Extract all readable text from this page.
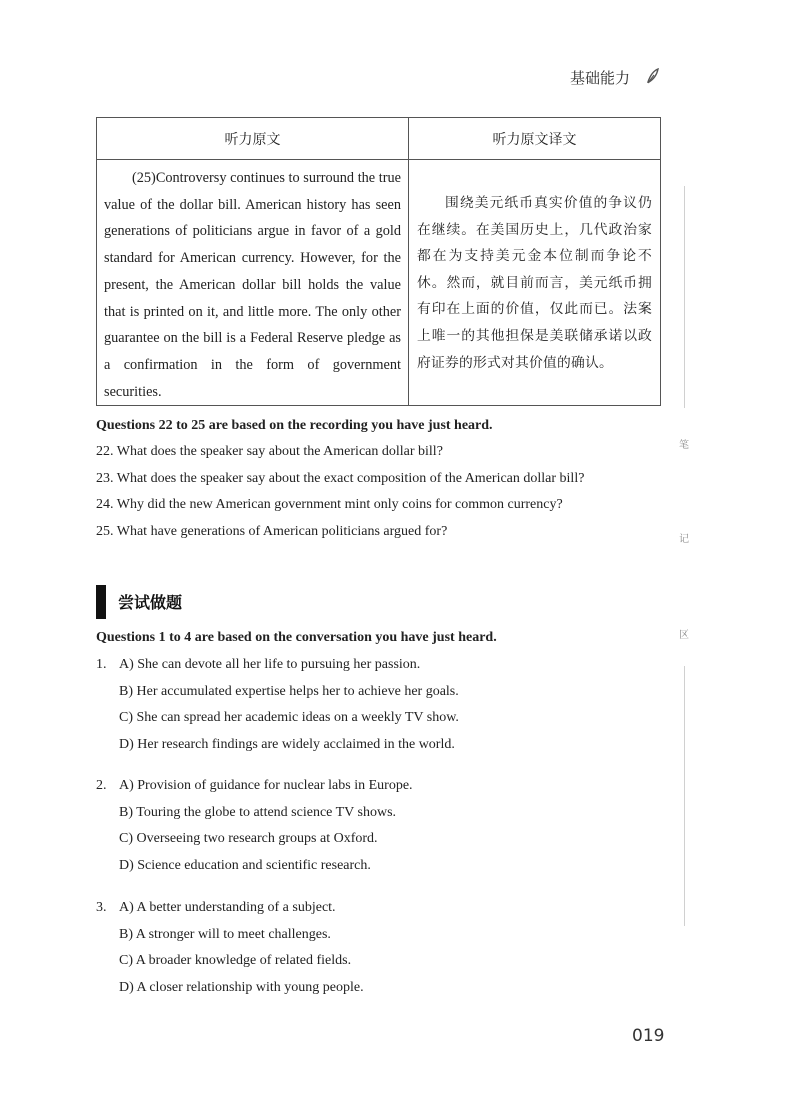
基础能力
笔
记
区
听力原文	听力原文译文
(25)Controversy continues to surround the true value of the dollar bill. American history has seen generations of politicians argue in favor of a gold standard for American currency. However, for the present, the American dollar bill holds the value that is printed on it, and little more. The only other guarantee on the bill is a Federal Reserve pledge as a confirmation in the form of government securities.	围绕美元纸币真实价值的争议仍在继续。在美国历史上，几代政治家都在为支持美元金本位制而争论不休。然而，就目前而言，美元纸币拥有印在上面的价值，仅此而已。法案上唯一的其他担保是美联储承诺以政府证券的形式对其价值的确认。
Questions 22 to 25 are based on the recording you have just heard.
22. What does the speaker say about the American dollar bill?
23. What does the speaker say about the exact composition of the American dollar bill?
24. Why did the new American government mint only coins for common currency?
25. What have generations of American politicians argued for?
尝试做题
Questions 1 to 4 are based on the conversation you have just heard.
1. A) She can devote all her life to pursuing her passion.
B) Her accumulated expertise helps her to achieve her goals.
C) She can spread her academic ideas on a weekly TV show.
D) Her research findings are widely acclaimed in the world.
2. A) Provision of guidance for nuclear labs in Europe.
B) Touring the globe to attend science TV shows.
C) Overseeing two research groups at Oxford.
D) Science education and scientific research.
3. A) A better understanding of a subject.
B) A stronger will to meet challenges.
C) A broader knowledge of related fields.
D) A closer relationship with young people.
019
